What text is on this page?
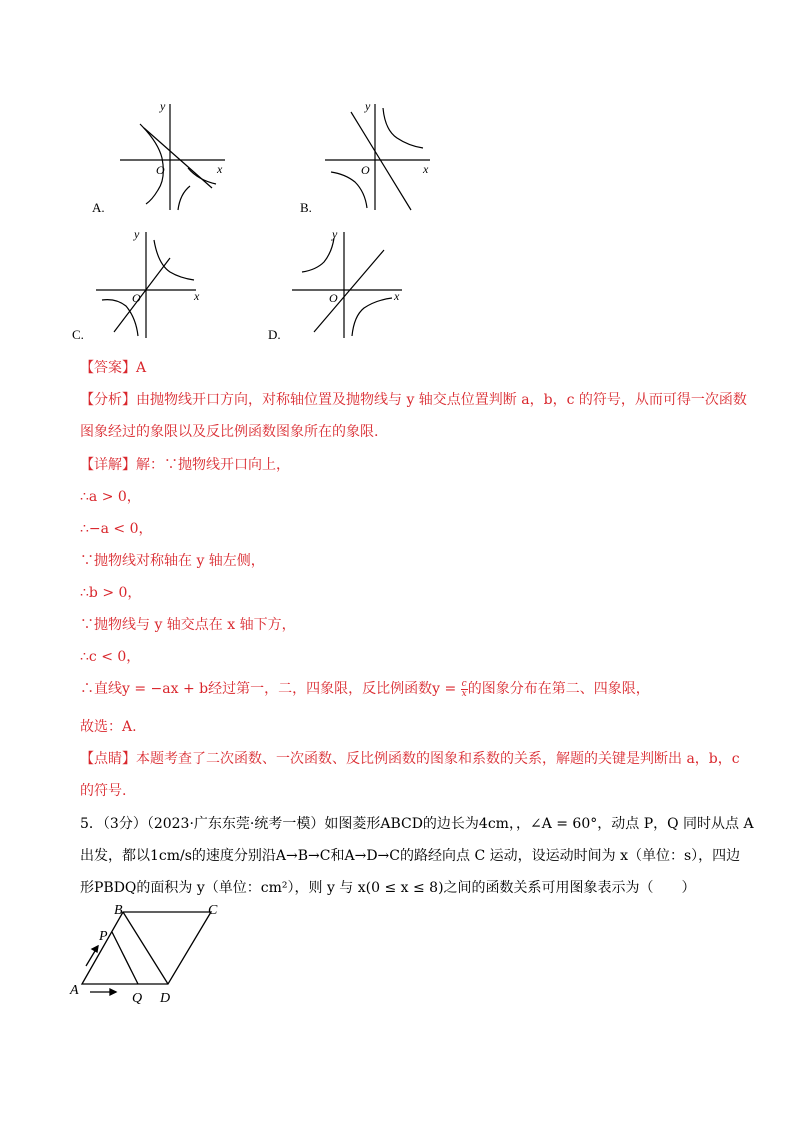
x
y
O
A.
x
y
O
B.
x
y
O
C.
x
y
O
D.
【答案】A
【分析】由抛物线开口方向，对称轴位置及抛物线与 y 轴交点位置判断 a，b，c 的符号，从而可得一次函数
图象经过的象限以及反比例函数图象所在的象限.
【详解】解：∵抛物线开口向上，
∴a > 0，
∴−a < 0，
∵抛物线对称轴在 y 轴左侧，
∴b > 0，
∵抛物线与 y 轴交点在 x 轴下方，
∴c < 0，
∴直线y = −ax + b经过第一，二，四象限，反比例函数$y = \frac{c}{x}$ 的图象分布在第二、四象限，
故选：A.
【点睛】本题考查了二次函数、一次函数、反比例函数的图象和系数的关系，解题的关键是判断出 a，b，c
的符号.
5．（3分）（2023·广东东莞·统考一模）如图菱形ABCD的边长为4cm，，∠A = 60°，动点 P，Q 同时从点 A
出发，都以1cm/s的速度分别沿A→B→C和A→D→C的路经向点 C 运动，设运动时间为 x（单位：s），四边
形PBDQ的面积为 y（单位：cm²），则 y 与 x(0 ≤ x ≤ 8)之间的函数关系可用图象表示为（　　）
A
B	C
D
P
Q
